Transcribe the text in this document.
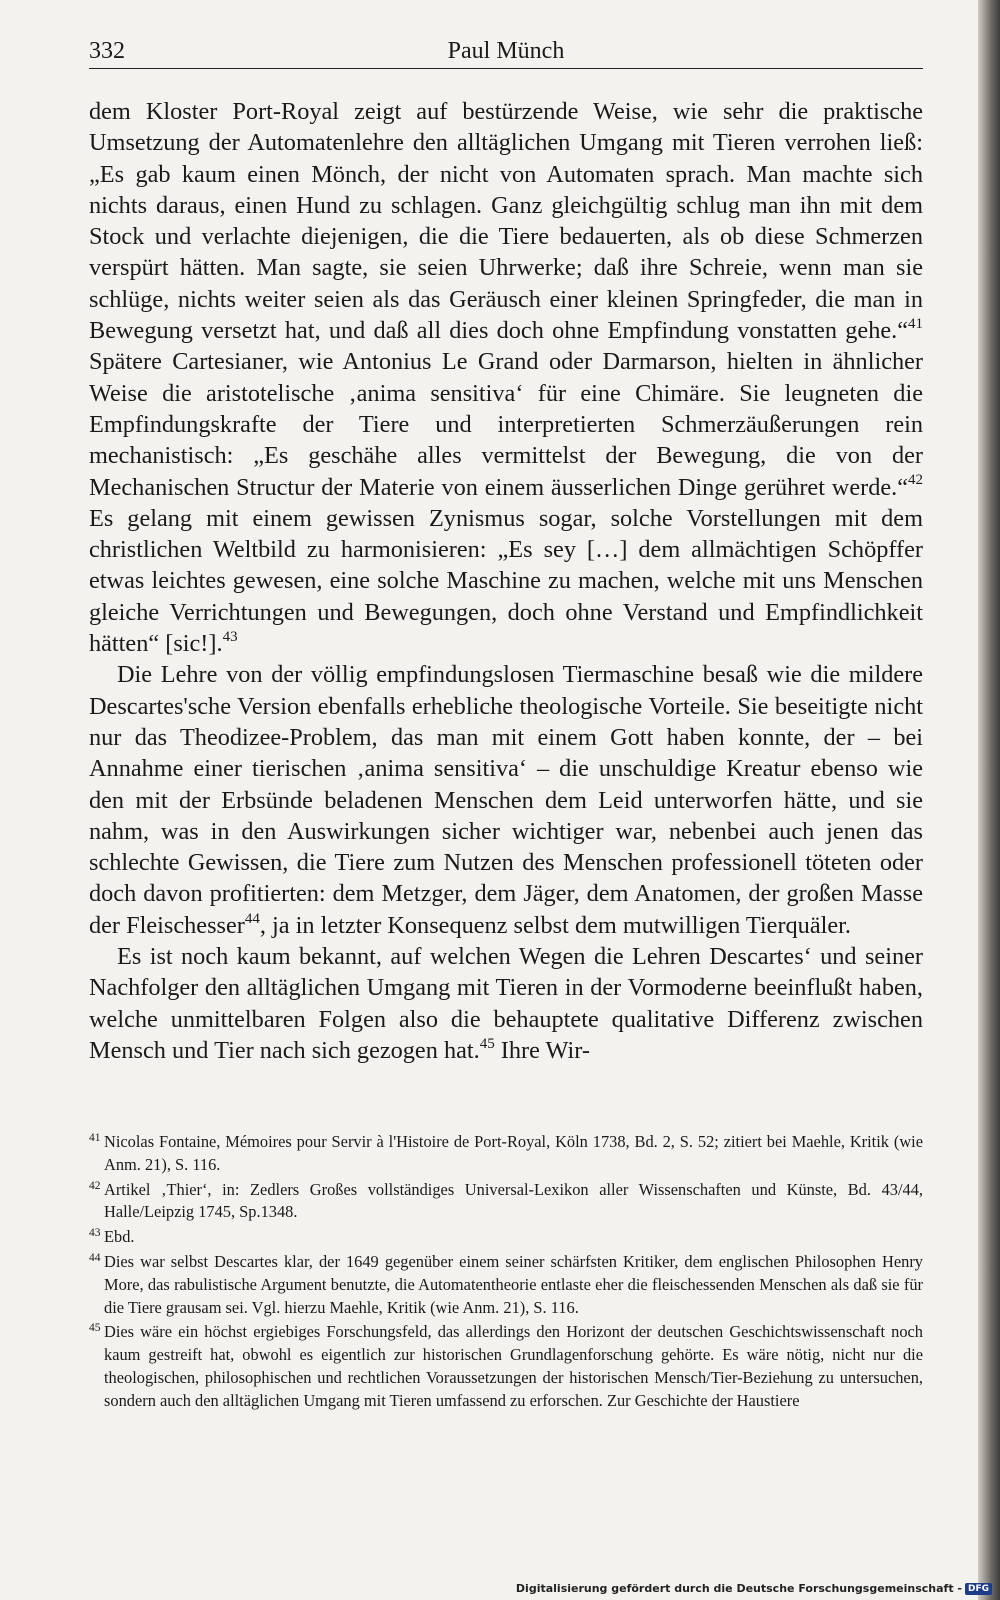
332	Paul Münch

dem Kloster Port-Royal zeigt auf bestürzende Weise, wie sehr die praktische Umsetzung der Automatenlehre den alltäglichen Umgang mit Tieren verrohen ließ: „Es gab kaum einen Mönch, der nicht von Automaten sprach. Man machte sich nichts daraus, einen Hund zu schlagen. Ganz gleichgültig schlug man ihn mit dem Stock und verlachte diejenigen, die die Tiere bedauerten, als ob diese Schmerzen verspürt hätten. Man sagte, sie seien Uhrwerke; daß ihre Schreie, wenn man sie schlüge, nichts weiter seien als das Geräusch einer kleinen Springfeder, die man in Bewegung versetzt hat, und daß all dies doch ohne Empfindung vonstatten gehe.“$^{41}$ Spätere Cartesianer, wie Antonius Le Grand oder Darmarson, hielten in ähnlicher Weise die aristotelische ‚anima sensitiva‘ für eine Chimäre. Sie leugneten die Empfindungskrafte der Tiere und interpretierten Schmerzäußerungen rein mechanistisch: „Es geschähe alles vermittelst der Bewegung, die von der Mechanischen Structur der Materie von einem äusserlichen Dinge gerühret werde.“$^{42}$ Es gelang mit einem gewissen Zynismus sogar, solche Vorstellungen mit dem christlichen Weltbild zu harmonisieren: „Es sey […] dem allmächtigen Schöpffer etwas leichtes gewesen, eine solche Maschine zu machen, welche mit uns Menschen gleiche Verrichtungen und Bewegungen, doch ohne Verstand und Empfindlichkeit hätten“ [sic!].$^{43}$

Die Lehre von der völlig empfindungslosen Tiermaschine besaß wie die mildere Descartes'sche Version ebenfalls erhebliche theologische Vorteile. Sie beseitigte nicht nur das Theodizee-Problem, das man mit einem Gott haben konnte, der – bei Annahme einer tierischen ‚anima sensitiva‘ – die unschuldige Kreatur ebenso wie den mit der Erbsünde beladenen Menschen dem Leid unterworfen hätte, und sie nahm, was in den Auswirkungen sicher wichtiger war, nebenbei auch jenen das schlechte Gewissen, die Tiere zum Nutzen des Menschen professionell töteten oder doch davon profitierten: dem Metzger, dem Jäger, dem Anatomen, der großen Masse der Fleischesser$^{44}$, ja in letzter Konsequenz selbst dem mutwilligen Tierquäler.

Es ist noch kaum bekannt, auf welchen Wegen die Lehren Descartes‘ und seiner Nachfolger den alltäglichen Umgang mit Tieren in der Vormoderne beeinflußt haben, welche unmittelbaren Folgen also die behauptete qualitative Differenz zwischen Mensch und Tier nach sich gezogen hat.$^{45}$ Ihre Wir-

41 Nicolas Fontaine, Mémoires pour Servir à l'Histoire de Port-Royal, Köln 1738, Bd. 2, S. 52; zitiert bei Maehle, Kritik (wie Anm. 21), S. 116.
42 Artikel ‚Thier‘, in: Zedlers Großes vollständiges Universal-Lexikon aller Wissenschaften und Künste, Bd. 43/44, Halle/Leipzig 1745, Sp.1348.
43 Ebd.
44 Dies war selbst Descartes klar, der 1649 gegenüber einem seiner schärfsten Kritiker, dem englischen Philosophen Henry More, das rabulistische Argument benutzte, die Automatentheorie entlaste eher die fleischessenden Menschen als daß sie für die Tiere grausam sei. Vgl. hierzu Maehle, Kritik (wie Anm. 21), S. 116.
45 Dies wäre ein höchst ergiebiges Forschungsfeld, das allerdings den Horizont der deutschen Geschichtswissenschaft noch kaum gestreift hat, obwohl es eigentlich zur historischen Grundlagenforschung gehörte. Es wäre nötig, nicht nur die theologischen, philosophischen und rechtlichen Voraussetzungen der historischen Mensch/Tier-Beziehung zu untersuchen, sondern auch den alltäglichen Umgang mit Tieren umfassend zu erforschen. Zur Geschichte der Haustiere
Digitalisierung gefördert durch die Deutsche Forschungsgemeinschaft - DFG
